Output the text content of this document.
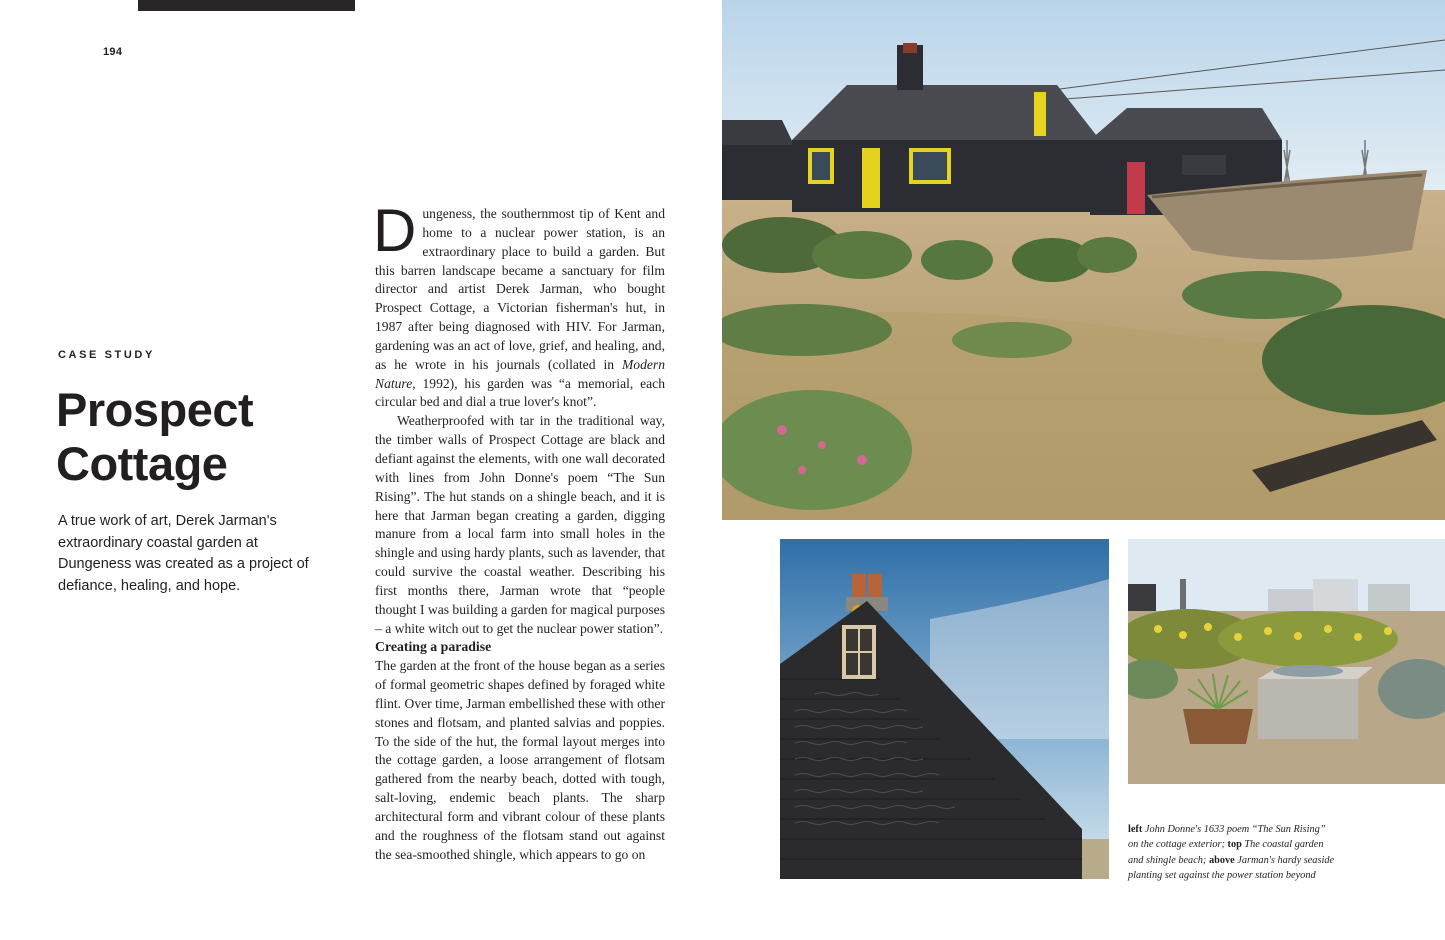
194
CASE STUDY
Prospect Cottage

A true work of art, Derek Jarman's extraordinary coastal garden at Dungeness was created as a project of defiance, healing, and hope.

Dungeness, the southernmost tip of Kent and home to a nuclear power station, is an extraordinary place to build a garden. But this barren landscape became a sanctuary for film director and artist Derek Jarman, who bought Prospect Cottage, a Victorian fisherman's hut, in 1987 after being diagnosed with HIV. For Jarman, gardening was an act of love, grief, and healing, and, as he wrote in his journals (collated in Modern Nature, 1992), his garden was “a memorial, each circular bed and dial a true lover's knot”.

Weatherproofed with tar in the traditional way, the timber walls of Prospect Cottage are black and defiant against the elements, with one wall decorated with lines from John Donne's poem “The Sun Rising”. The hut stands on a shingle beach, and it is here that Jarman began creating a garden, digging manure from a local farm into small holes in the shingle and using hardy plants, such as lavender, that could survive the coastal weather. Describing his first months there, Jarman wrote that “people thought I was building a garden for magical purposes – a white witch out to get the nuclear power station”.

Creating a paradise

The garden at the front of the house began as a series of formal geometric shapes defined by foraged white flint. Over time, Jarman embellished these with other stones and flotsam, and planted salvias and poppies. To the side of the hut, the formal layout merges into the cottage garden, a loose arrangement of flotsam gathered from the nearby beach, dotted with tough, salt-loving, endemic beach plants. The sharp architectural form and vibrant colour of these plants and the roughness of the flotsam stand out against the sea-smoothed shingle, which appears to go on

left John Donne's 1633 poem “The Sun Rising” on the cottage exterior; top The coastal garden and shingle beach; above Jarman's hardy seaside planting set against the power station beyond
